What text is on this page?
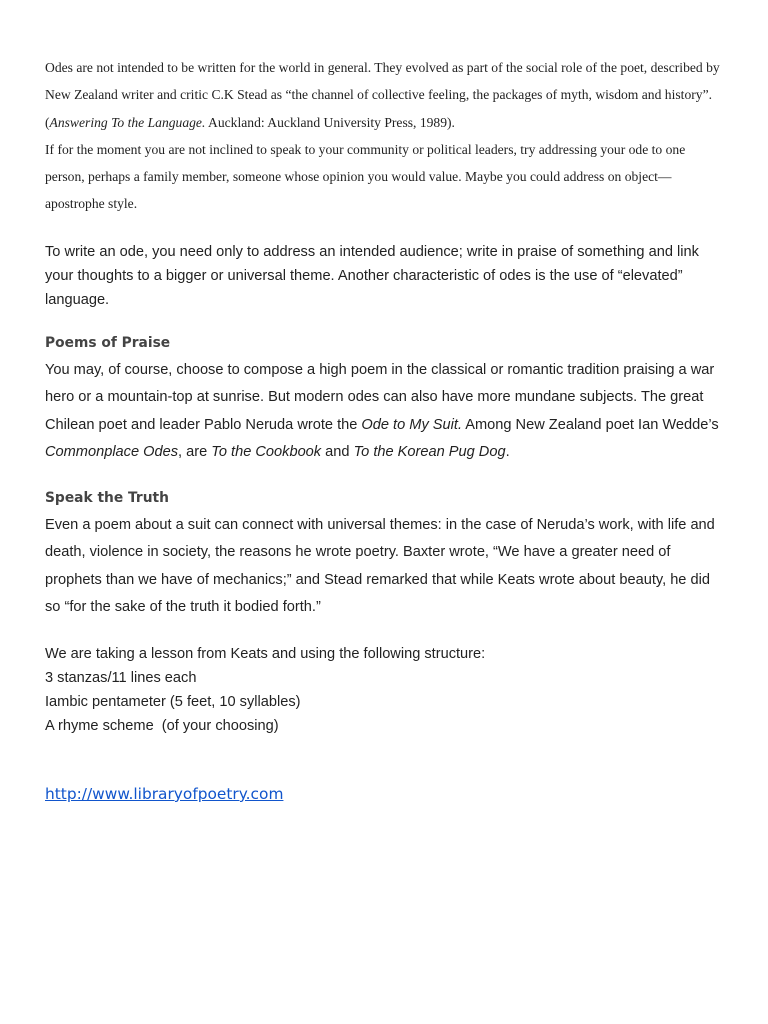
Odes are not intended to be written for the world in general. They evolved as part of the social role of the poet, described by New Zealand writer and critic C.K Stead as “the channel of collective feeling, the packages of myth, wisdom and history”. (Answering To the Language. Auckland: Auckland University Press, 1989).

If for the moment you are not inclined to speak to your community or political leaders, try addressing your ode to one person, perhaps a family member, someone whose opinion you would value. Maybe you could address on object—apostrophe style.

To write an ode, you need only to address an intended audience; write in praise of something and link your thoughts to a bigger or universal theme. Another characteristic of odes is the use of “elevated” language.

Poems of Praise

You may, of course, choose to compose a high poem in the classical or romantic tradition praising a war hero or a mountain-top at sunrise. But modern odes can also have more mundane subjects. The great Chilean poet and leader Pablo Neruda wrote the Ode to My Suit. Among New Zealand poet Ian Wedde’s Commonplace Odes, are To the Cookbook and To the Korean Pug Dog.

Speak the Truth

Even a poem about a suit can connect with universal themes: in the case of Neruda’s work, with life and death, violence in society, the reasons he wrote poetry. Baxter wrote, “We have a greater need of prophets than we have of mechanics;” and Stead remarked that while Keats wrote about beauty, he did so “for the sake of the truth it bodied forth.”

We are taking a lesson from Keats and using the following structure:
3 stanzas/11 lines each
Iambic pentameter (5 feet, 10 syllables)
A rhyme scheme  (of your choosing)
http://www.libraryofpoetry.com
